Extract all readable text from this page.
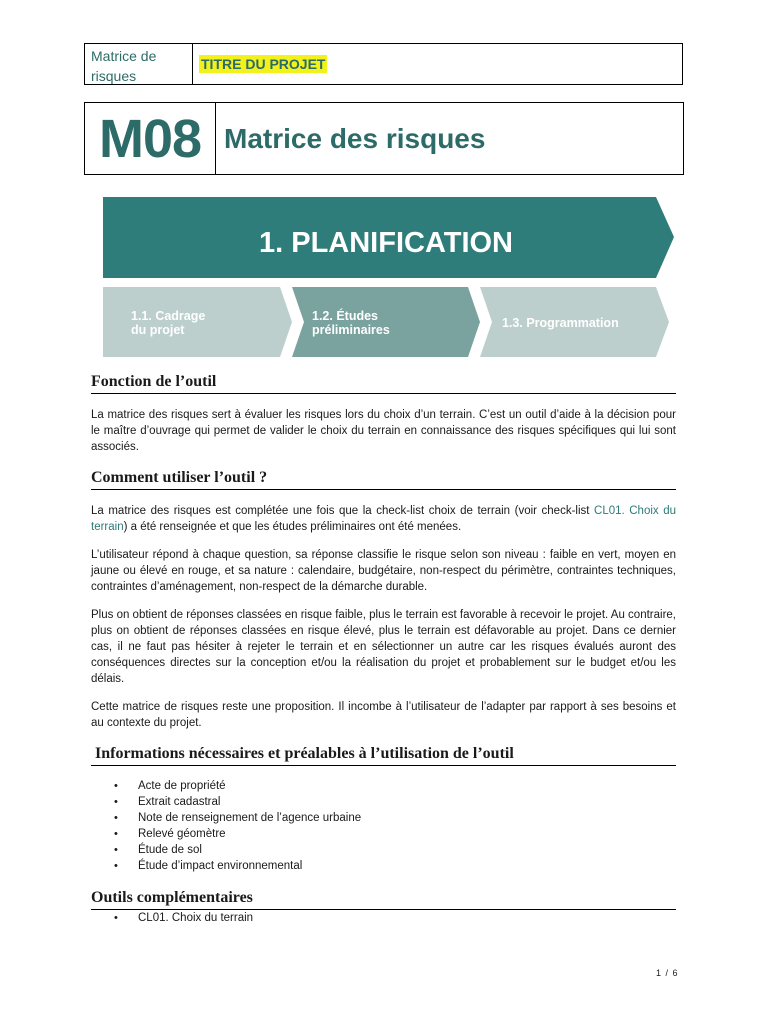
Matrice de risques
TITRE DU PROJET
M08 Matrice des risques
1. PLANIFICATION
1.1. Cadrage du projet
1.2. Études préliminaires	1.3. Programmation
Fonction de l’outil

La matrice des risques sert à évaluer les risques lors du choix d’un terrain. C’est un outil d’aide à la décision pour le maître d’ouvrage qui permet de valider le choix du terrain en connaissance des risques spécifiques qui lui sont associés.

Comment utiliser l’outil ?

La matrice des risques est complétée une fois que la check-list choix de terrain (voir check-list CL01. Choix du terrain) a été renseignée et que les études préliminaires ont été menées.

L’utilisateur répond à chaque question, sa réponse classifie le risque selon son niveau : faible en vert, moyen en jaune ou élevé en rouge, et sa nature : calendaire, budgétaire, non-respect du périmètre, contraintes techniques, contraintes d’aménagement, non-respect de la démarche durable.

Plus on obtient de réponses classées en risque faible, plus le terrain est favorable à recevoir le projet. Au contraire, plus on obtient de réponses classées en risque élevé, plus le terrain est défavorable au projet. Dans ce dernier cas, il ne faut pas hésiter à rejeter le terrain et en sélectionner un autre car les risques évalués auront des conséquences directes sur la conception et/ou la réalisation du projet et probablement sur le budget et/ou les délais.

Cette matrice de risques reste une proposition. Il incombe à l’utilisateur de l’adapter par rapport à ses besoins et au contexte du projet.

Informations nécessaires et préalables à l’utilisation de l’outil
• Acte de propriété
• Extrait cadastral
• Note de renseignement de l’agence urbaine
• Relevé géomètre
• Étude de sol
• Étude d’impact environnemental
Outils complémentaires
• CL01. Choix du terrain
1 / 6
